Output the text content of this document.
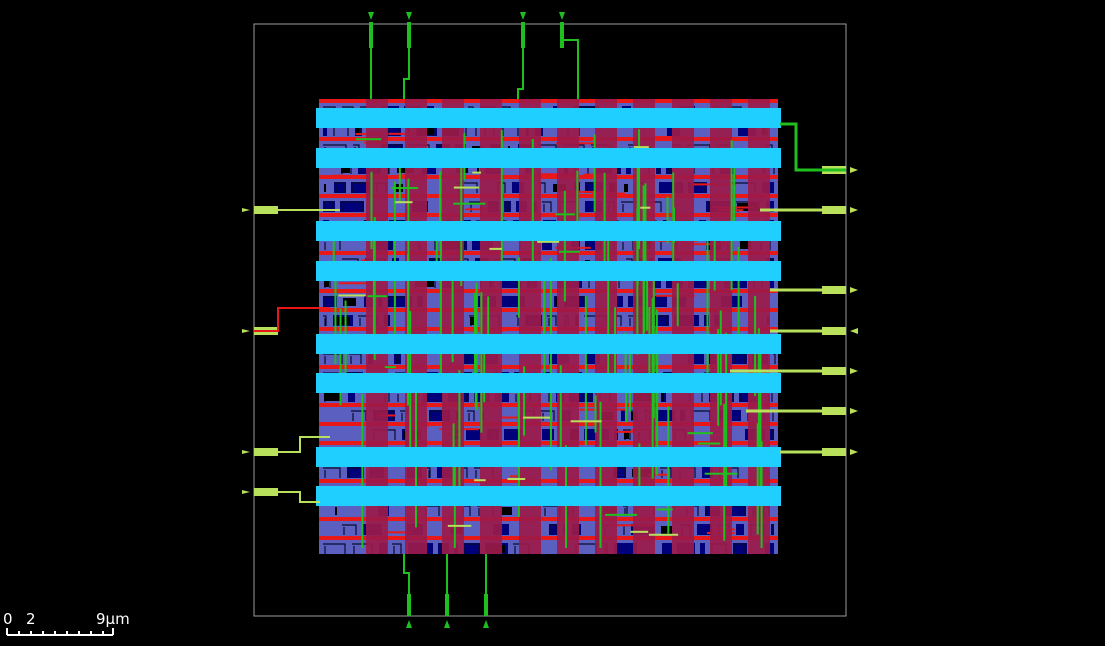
0 2	9µm
